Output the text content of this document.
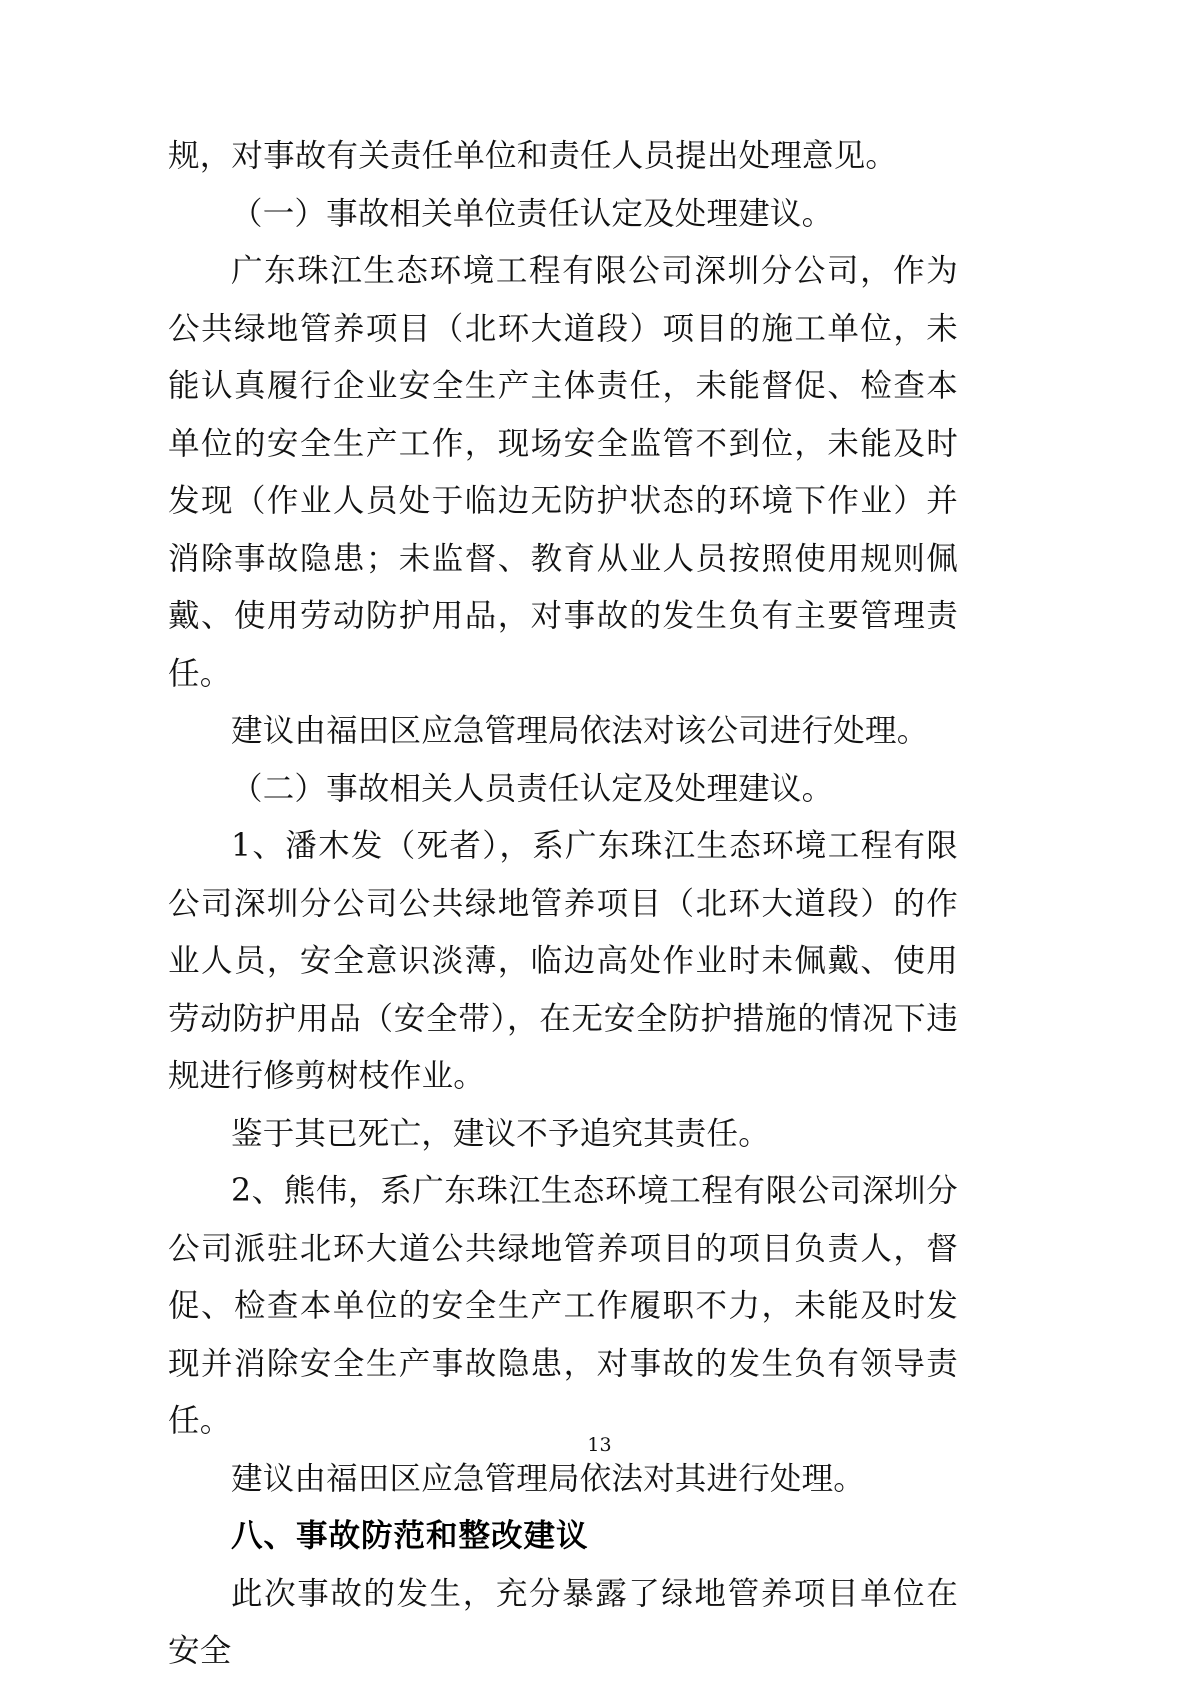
规，对事故有关责任单位和责任人员提出处理意见。

（一）事故相关单位责任认定及处理建议。

广东珠江生态环境工程有限公司深圳分公司，作为公共绿地管养项目（北环大道段）项目的施工单位，未能认真履行企业安全生产主体责任，未能督促、检查本单位的安全生产工作，现场安全监管不到位，未能及时发现（作业人员处于临边无防护状态的环境下作业）并消除事故隐患；未监督、教育从业人员按照使用规则佩戴、使用劳动防护用品，对事故的发生负有主要管理责任。

建议由福田区应急管理局依法对该公司进行处理。

（二）事故相关人员责任认定及处理建议。

1、潘木发（死者），系广东珠江生态环境工程有限公司深圳分公司公共绿地管养项目（北环大道段）的作业人员，安全意识淡薄，临边高处作业时未佩戴、使用劳动防护用品（安全带），在无安全防护措施的情况下违规进行修剪树枝作业。

鉴于其已死亡，建议不予追究其责任。

2、熊伟，系广东珠江生态环境工程有限公司深圳分公司派驻北环大道公共绿地管养项目的项目负责人，督促、检查本单位的安全生产工作履职不力，未能及时发现并消除安全生产事故隐患，对事故的发生负有领导责任。

建议由福田区应急管理局依法对其进行处理。

八、事故防范和整改建议

此次事故的发生，充分暴露了绿地管养项目单位在安全

13
